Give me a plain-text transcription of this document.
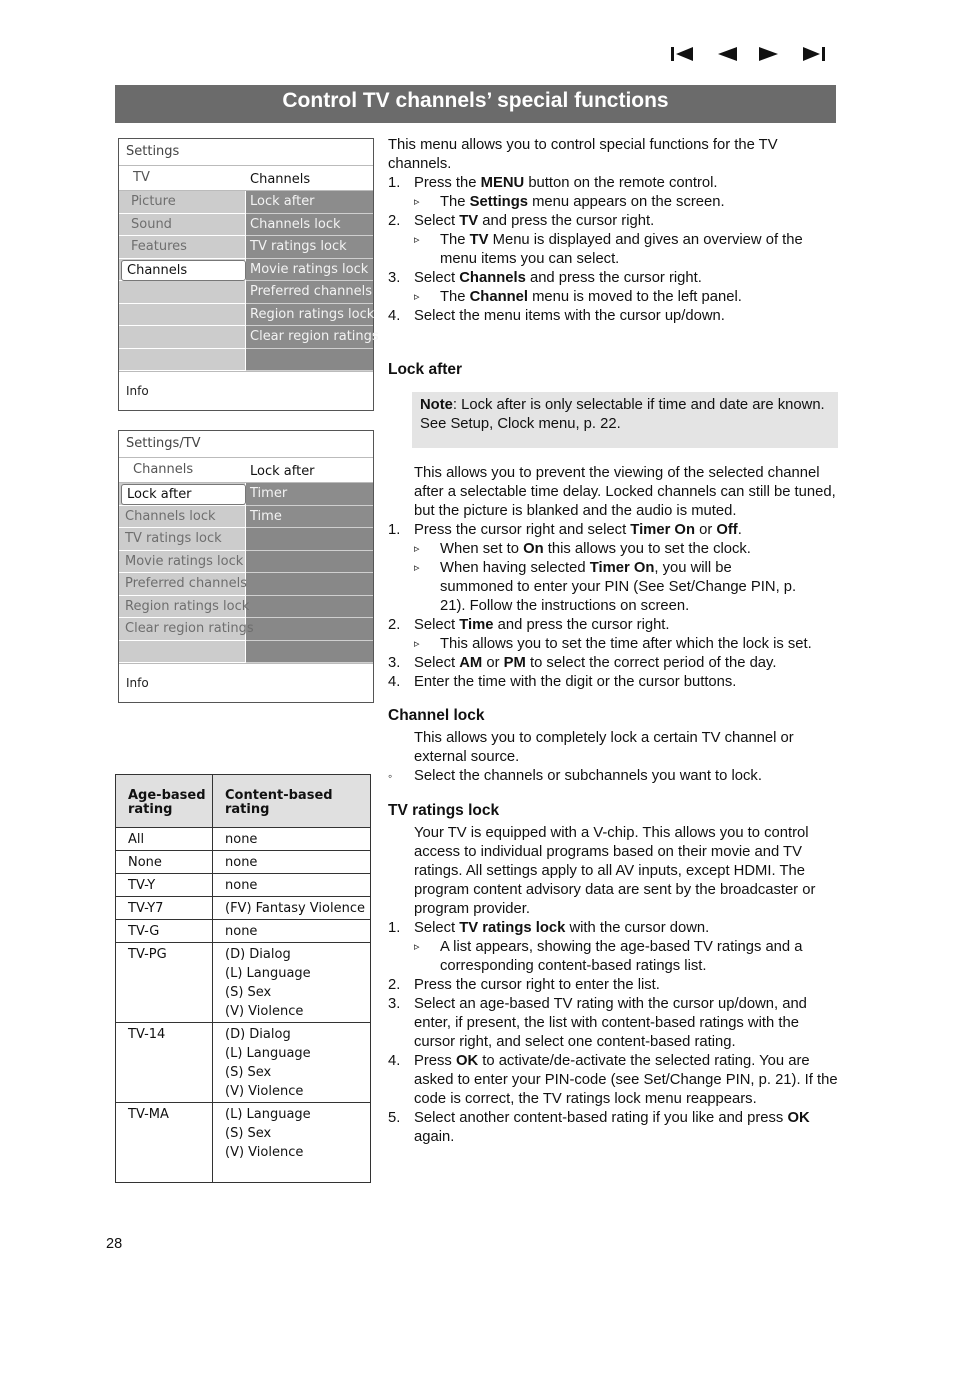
Control TV channels’ special functions
Settings
TV	Channels
Picture	Lock after
Sound	Channels lock
Features	TV ratings lock
Channels	Movie ratings lock
Preferred channels
Region ratings lock
Clear region ratings
Info
Settings/TV
Channels	Lock after
Lock after	Timer
Channels lock	Time
TV ratings lock
Movie ratings lock
Preferred channels
Region ratings lock
Clear region ratings
Info
Age-based rating	Content-based rating
All	none
None	none
TV-Y	none
TV-Y7	(FV) Fantasy Violence
TV-G	none
TV-PG	(D) Dialog
(L) Language
(S) Sex
(V) Violence

TV-14	(D) Dialog
(L) Language
(S) Sex
(V) Violence

TV-MA	(L) Language
(S) Sex
(V) Violence

This menu allows you to control special functions for the TV channels.

1. Press the MENU button on the remote control.
▹ The Settings menu appears on the screen.
2. Select TV and press the cursor right.
▹ The TV Menu is displayed and gives an overview of the menu items you can select.
3. Select Channels and press the cursor right.
▹ The Channel menu is moved to the left panel.
4. Select the menu items with the cursor up/down.

Lock after

Note: Lock after is only selectable if time and date are known. See Setup, Clock menu, p. 22.

This allows you to prevent the viewing of the selected channel after a selectable time delay. Locked channels can still be tuned, but the picture is blanked and the audio is muted.

1. Press the cursor right and select Timer On or Off.
▹ When set to On this allows you to set the clock.
▹ When having selected Timer On, you will be summoned to enter your PIN (See Set/Change PIN, p. 21). Follow the instructions on screen.
2. Select Time and press the cursor right.
▹ This allows you to set the time after which the lock is set.
3. Select AM or PM to select the correct period of the day.
4. Enter the time with the digit or the cursor buttons.

Channel lock

This allows you to completely lock a certain TV channel or external source.

◦ Select the channels or subchannels you want to lock.

TV ratings lock

Your TV is equipped with a V-chip. This allows you to control access to individual programs based on their movie and TV ratings. All settings apply to all AV inputs, except HDMI. The program content advisory data are sent by the broadcaster or program provider.

1. Select TV ratings lock with the cursor down.
▹ A list appears, showing the age-based TV ratings and a corresponding content-based ratings list.
2. Press the cursor right to enter the list.
3. Select an age-based TV rating with the cursor up/down, and enter, if present, the list with content-based ratings with the cursor right, and select one content-based rating.
4. Press OK to activate/de-activate the selected rating. You are asked to enter your PIN-code (see Set/Change PIN, p. 21). If the code is correct, the TV ratings lock menu reappears.
5. Select another content-based rating if you like and press OK again.
28
